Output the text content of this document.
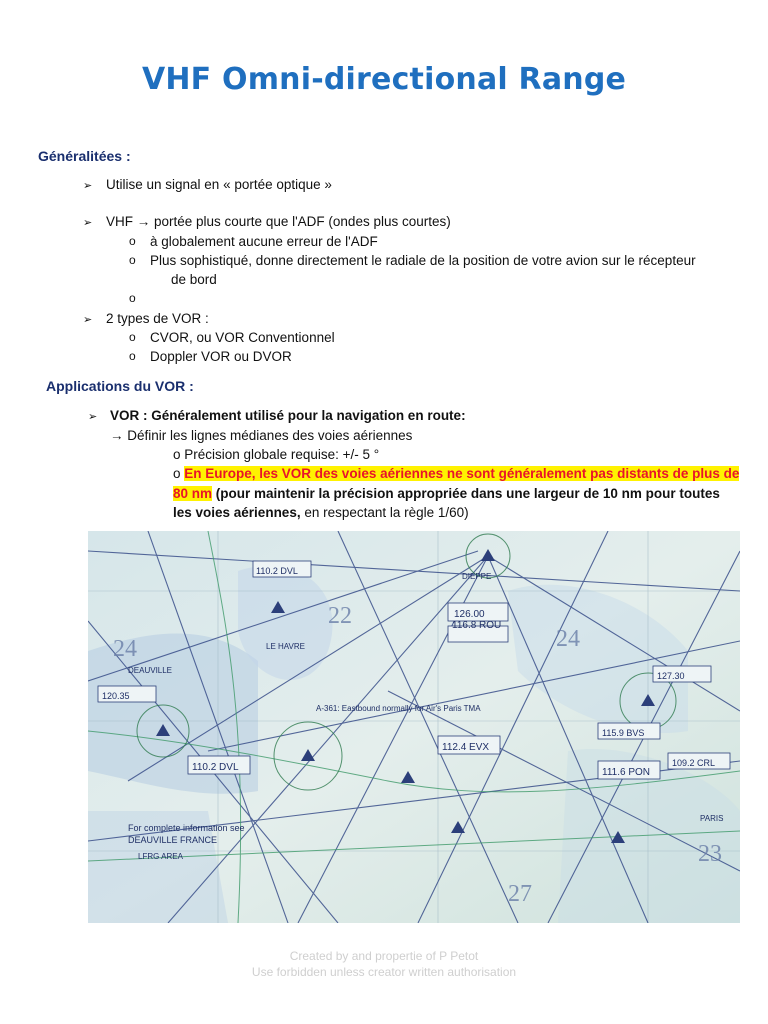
VHF Omni-directional Range

Généralitées :

➢ Utilise un signal en « portée optique »
➢ VHF → portée plus courte que l'ADF (ondes plus courtes)
o à globalement aucune erreur de l'ADF
o Plus sophistiqué, donne directement le radiale de la position de votre avion sur le récepteur
de bord
o
➢ 2 types de VOR :
o CVOR, ou VOR Conventionnel
o Doppler VOR ou DVOR

Applications du VOR :

➢ VOR : Généralement utilisé pour la navigation en route:
→ Définir les lignes médianes des voies aériennes
o Précision globale requise: +/- 5 °
o En Europe, les VOR des voies aériennes ne sont généralement pas distants de plus de
80 nm (pour maintenir la précision appropriée dans une largeur de 10 nm pour toutes
les voies aériennes, en respectant la règle 1/60)
116.8 ROU
126.00
112.4 EVX
111.6 PON
115.9 BVS
110.2 DVL
127.30
109.2 CRL
120.35
DEAUVILLE
LE HAVRE
DIEPPE
110.2 DVL
A-361: Eastbound normally for Air's Paris TMA
For complete information see
DEAUVILLE FRANCE
LFRG AREA
PARIS
24
22
24
23
27
Created by and propertie of P Petot
Use forbidden unless creator written authorisation
